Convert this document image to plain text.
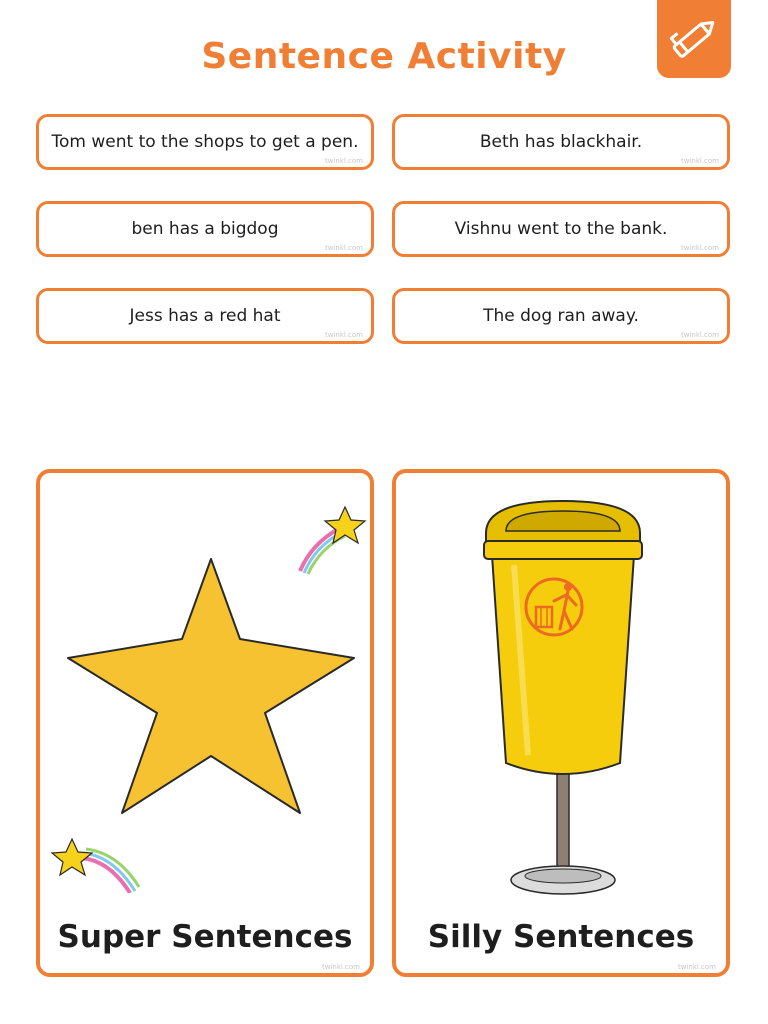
Sentence Activity
Tom went to the shops to get a pen.
twinkl.com
Beth has blackhair.
twinkl.com
ben has a bigdog
twinkl.com
Vishnu went to the bank.
twinkl.com
Jess has a red hat
twinkl.com
The dog ran away.
twinkl.com
Super Sentences
twinkl.com
Silly Sentences
twinkl.com
